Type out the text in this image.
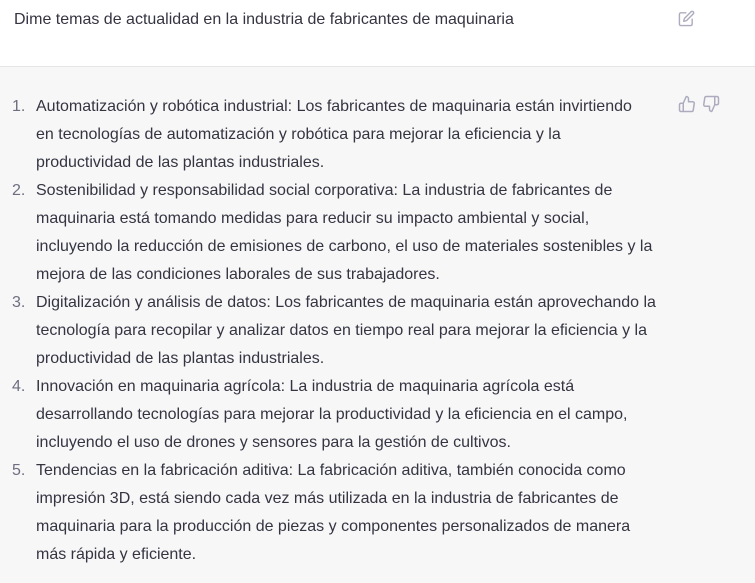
Dime temas de actualidad en la industria de fabricantes de maquinaria
1. Automatización y robótica industrial: Los fabricantes de maquinaria están invirtiendo
en tecnologías de automatización y robótica para mejorar la eficiencia y la
productividad de las plantas industriales.
2. Sostenibilidad y responsabilidad social corporativa: La industria de fabricantes de
maquinaria está tomando medidas para reducir su impacto ambiental y social,
incluyendo la reducción de emisiones de carbono, el uso de materiales sostenibles y la
mejora de las condiciones laborales de sus trabajadores.
3. Digitalización y análisis de datos: Los fabricantes de maquinaria están aprovechando la
tecnología para recopilar y analizar datos en tiempo real para mejorar la eficiencia y la
productividad de las plantas industriales.
4. Innovación en maquinaria agrícola: La industria de maquinaria agrícola está
desarrollando tecnologías para mejorar la productividad y la eficiencia en el campo,
incluyendo el uso de drones y sensores para la gestión de cultivos.
5. Tendencias en la fabricación aditiva: La fabricación aditiva, también conocida como
impresión 3D, está siendo cada vez más utilizada en la industria de fabricantes de
maquinaria para la producción de piezas y componentes personalizados de manera
más rápida y eficiente.
